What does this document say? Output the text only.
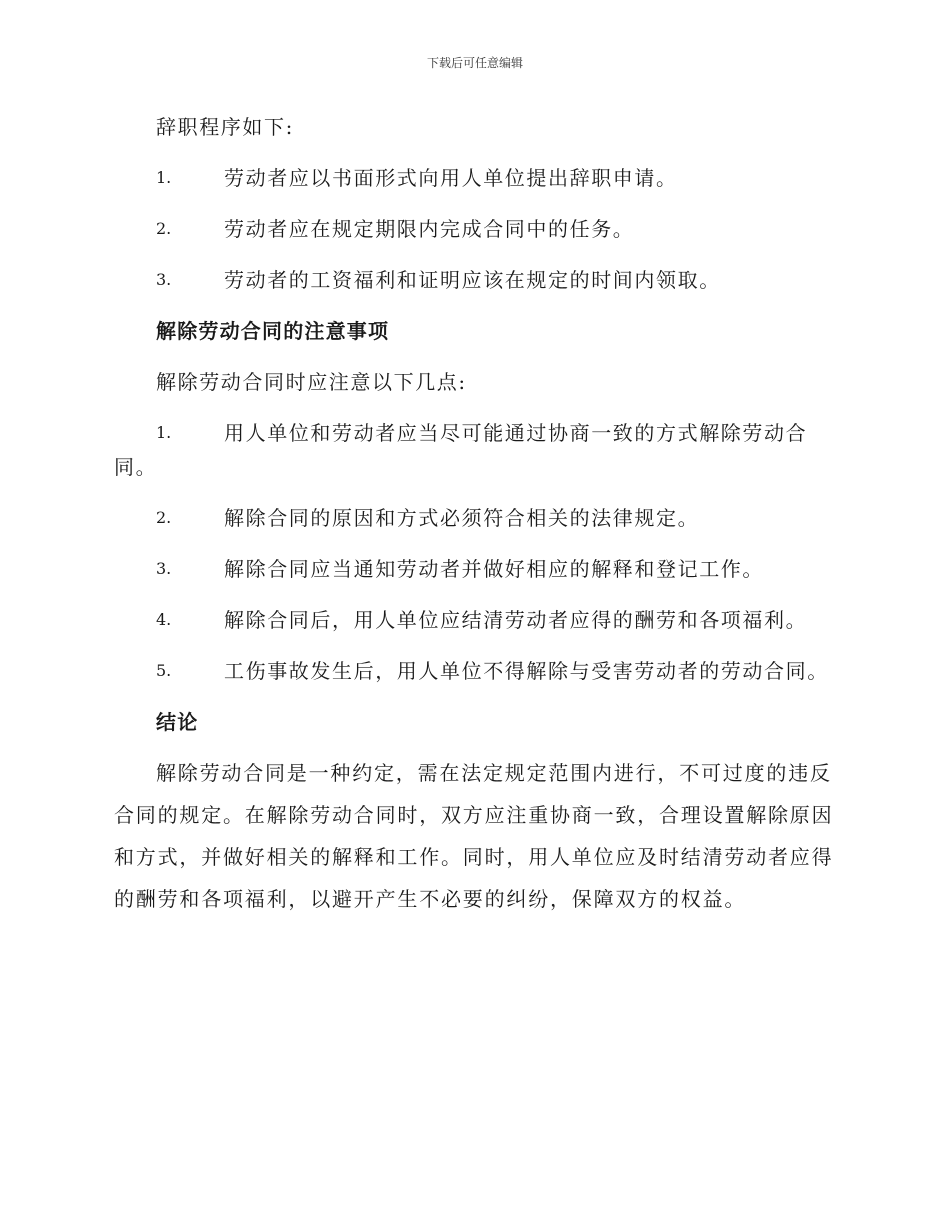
下载后可任意编辑

辞职程序如下:

1.	劳动者应以书面形式向用人单位提出辞职申请。
2.	劳动者应在规定期限内完成合同中的任务。
3.	劳动者的工资福利和证明应该在规定的时间内领取。
解除劳动合同的注意事项

解除劳动合同时应注意以下几点:

1.	用人单位和劳动者应当尽可能通过协商一致的方式解除劳动合同。
2.	解除合同的原因和方式必须符合相关的法律规定。
3.	解除合同应当通知劳动者并做好相应的解释和登记工作。
4.	解除合同后，用人单位应结清劳动者应得的酬劳和各项福利。
5.	工伤事故发生后，用人单位不得解除与受害劳动者的劳动合同。
结论

解除劳动合同是一种约定，需在法定规定范围内进行，不可过度的违反合同的规定。在解除劳动合同时，双方应注重协商一致，合理设置解除原因和方式，并做好相关的解释和工作。同时，用人单位应及时结清劳动者应得的酬劳和各项福利，以避开产生不必要的纠纷，保障双方的权益。
